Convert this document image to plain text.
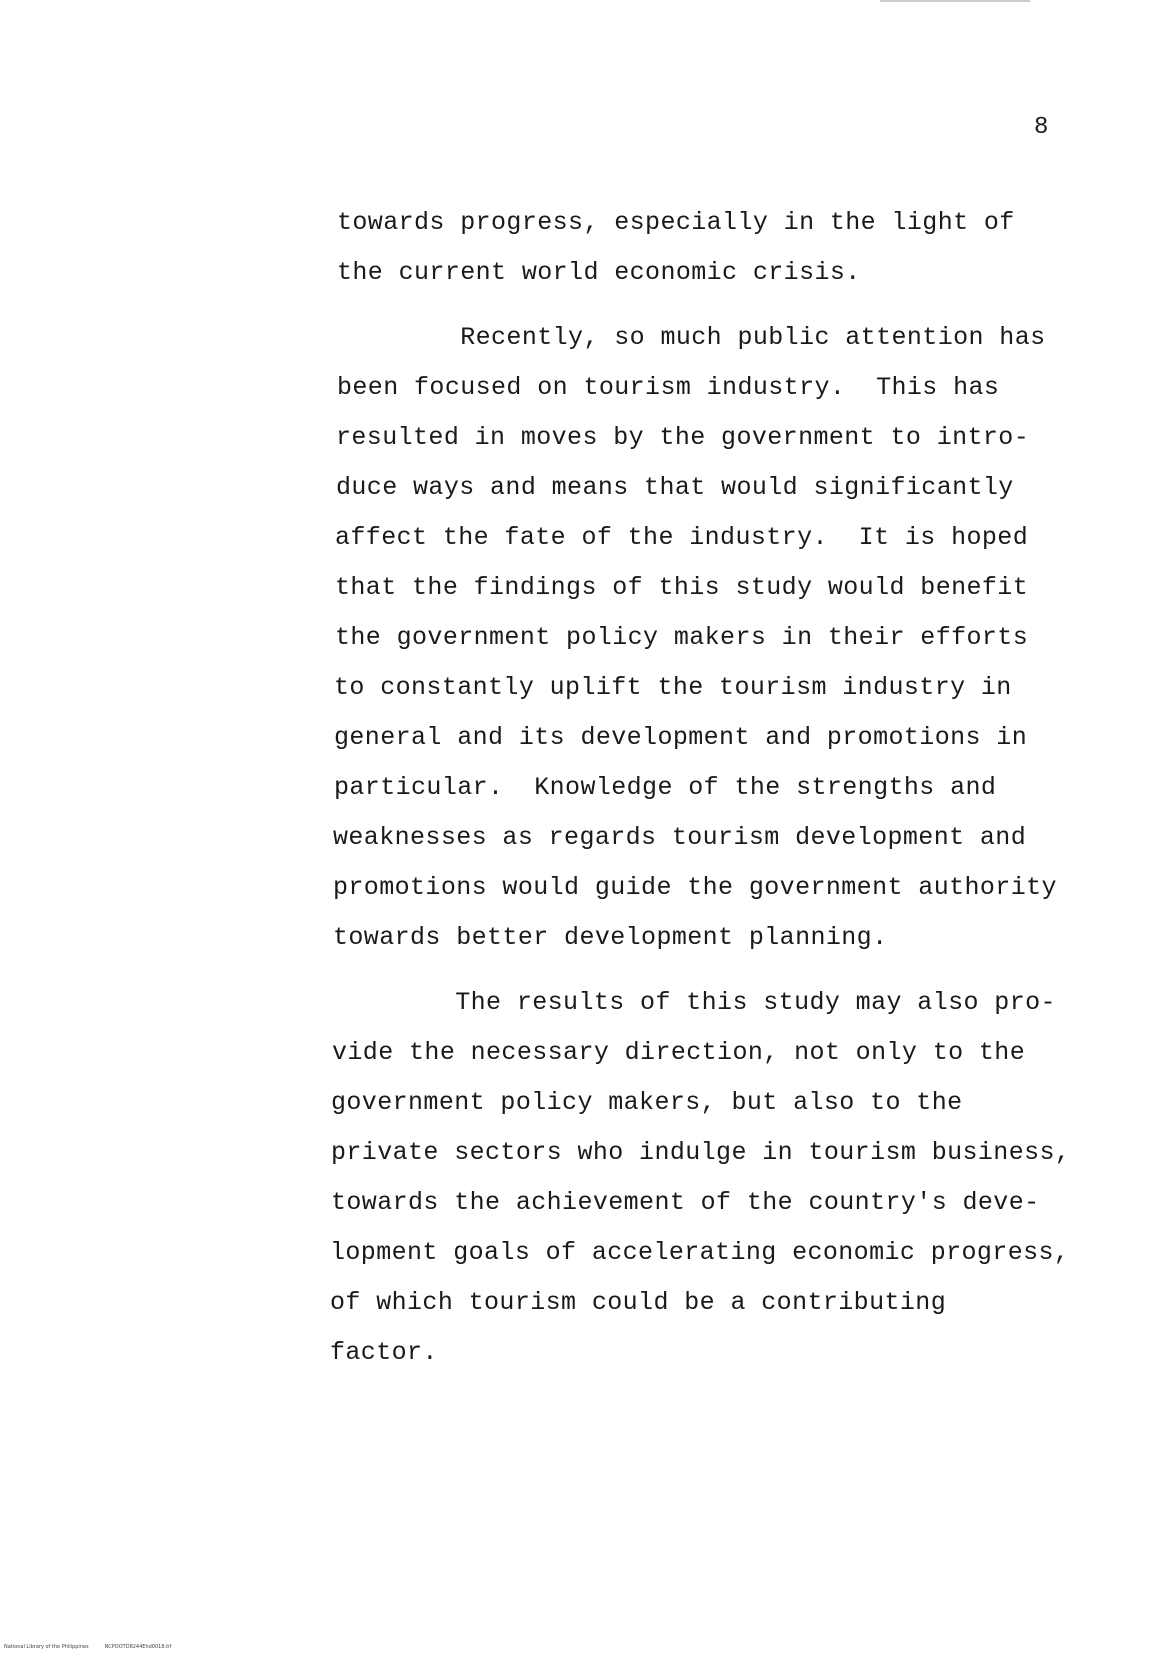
8
towards progress, especially in the light of
the current world economic crisis.
Recently, so much public attention has
been focused on tourism industry.  This has
resulted in moves by the government to intro-
duce ways and means that would significantly
affect the fate of the industry.  It is hoped
that the findings of this study would benefit
the government policy makers in their efforts
to constantly uplift the tourism industry in
general and its development and promotions in
particular.  Knowledge of the strengths and
weaknesses as regards tourism development and
promotions would guide the government authority
towards better development planning.
The results of this study may also pro-
vide the necessary direction, not only to the
government policy makers, but also to the
private sectors who indulge in tourism business,
towards the achievement of the country's deve-
lopment goals of accelerating economic progress,
of which tourism could be a contributing
factor.
National Library of the Philippines	NCPOOTD8244Ehd0018.tif
